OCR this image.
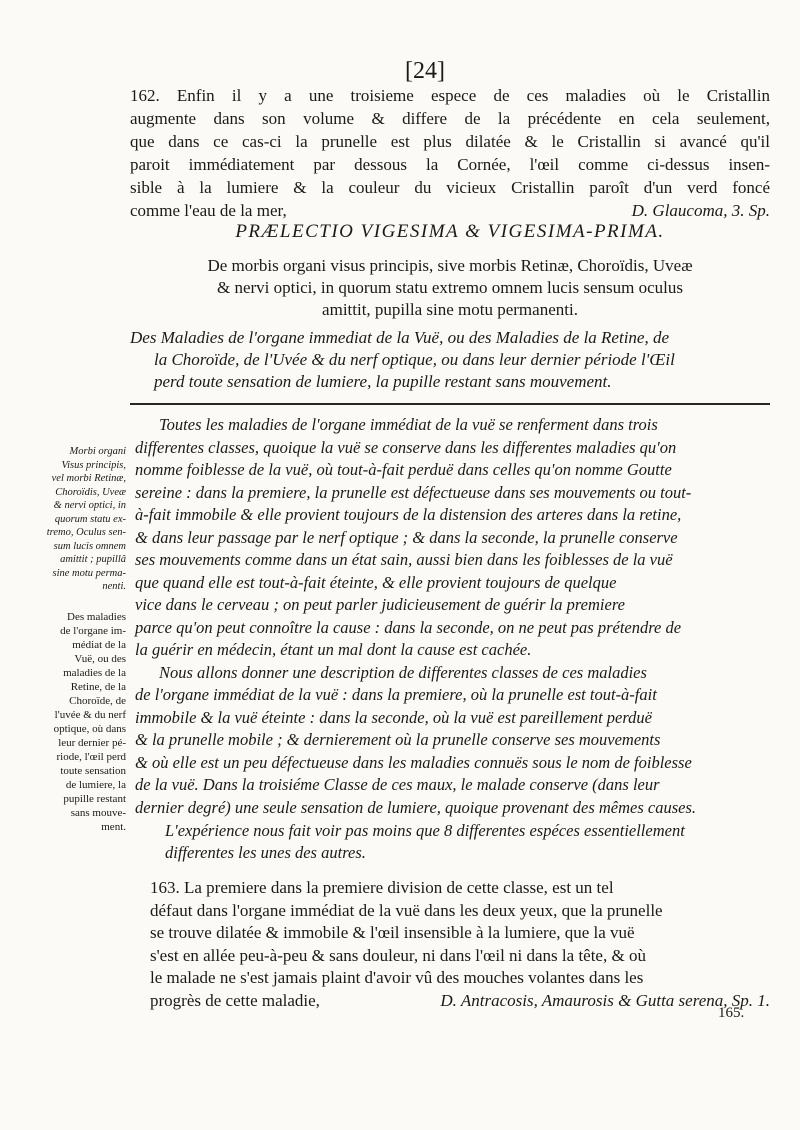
[24]
162. Enfin il y a une troisieme espece de ces maladies où le Cristallin
augmente dans son volume & differe de la précédente en cela seulement,
que dans ce cas-ci la prunelle est plus dilatée & le Cristallin si avancé qu'il
paroit immédiatement par dessous la Cornée, l'œil comme ci-dessus insen-
sible à la lumiere & la couleur du vicieux Cristallin paroît d'un verd foncé
comme l'eau de la mer,	D. Glaucoma, 3. Sp.
PRÆLECTIO VIGESIMA & VIGESIMA-PRIMA.
De morbis organi visus principis, sive morbis Retinæ, Choroïdis, Uveæ
& nervi optici, in quorum statu extremo omnem lucis sensum oculus
amittit, pupilla sine motu permanenti.
Des Maladies de l'organe immediat de la Vuë, ou des Maladies de la Retine, de
la Choroïde, de l'Uvée & du nerf optique, ou dans leur dernier période l'Œil
perd toute sensation de lumiere, la pupille restant sans mouvement.
Morbi organi
Visus principis,
vel morbi Retinæ,
Choroïdis, Uveæ
& nervi optici, in
quorum statu ex-
tremo, Oculus sen-
sum lucis omnem
amittit ; pupillâ
sine motu perma-
nenti.
Des maladies
de l'organe im-
médiat de la
Vuë, ou des
maladies de la
Retine, de la
Choroïde, de
l'uvée & du nerf
optique, où dans
leur dernier pé-
riode, l'œil perd
toute sensation
de lumiere, la
pupille restant
sans mouve-
ment.
Toutes les maladies de l'organe immédiat de la vuë se renferment dans trois
differentes classes, quoique la vuë se conserve dans les differentes maladies qu'on
nomme foiblesse de la vuë, où tout-à-fait perduë dans celles qu'on nomme Goutte
sereine : dans la premiere, la prunelle est défectueuse dans ses mouvements ou tout-
à-fait immobile & elle provient toujours de la distension des arteres dans la retine,
& dans leur passage par le nerf optique ; & dans la seconde, la prunelle conserve
ses mouvements comme dans un état sain, aussi bien dans les foiblesses de la vuë
que quand elle est tout-à-fait éteinte, & elle provient toujours de quelque
vice dans le cerveau ; on peut parler judicieusement de guérir la premiere
parce qu'on peut connoître la cause : dans la seconde, on ne peut pas prétendre de
la guérir en médecin, étant un mal dont la cause est cachée.
Nous allons donner une description de differentes classes de ces maladies
de l'organe immédiat de la vuë : dans la premiere, où la prunelle est tout-à-fait
immobile & la vuë éteinte : dans la seconde, où la vuë est pareillement perduë
& la prunelle mobile ; & dernierement où la prunelle conserve ses mouvements
& où elle est un peu défectueuse dans les maladies connuës sous le nom de foiblesse
de la vuë. Dans la troisiéme Classe de ces maux, le malade conserve (dans leur
dernier degré) une seule sensation de lumiere, quoique provenant des mêmes causes.
L'expérience nous fait voir pas moins que 8 differentes espéces essentiellement
differentes les unes des autres.
163. La premiere dans la premiere division de cette classe, est un tel
défaut dans l'organe immédiat de la vuë dans les deux yeux, que la prunelle
se trouve dilatée & immobile & l'œil insensible à la lumiere, que la vuë
s'est en allée peu-à-peu & sans douleur, ni dans l'œil ni dans la tête, & où
le malade ne s'est jamais plaint d'avoir vû des mouches volantes dans les
progrès de cette maladie,	D. Antracosis, Amaurosis & Gutta serena, Sp. 1.
165.
